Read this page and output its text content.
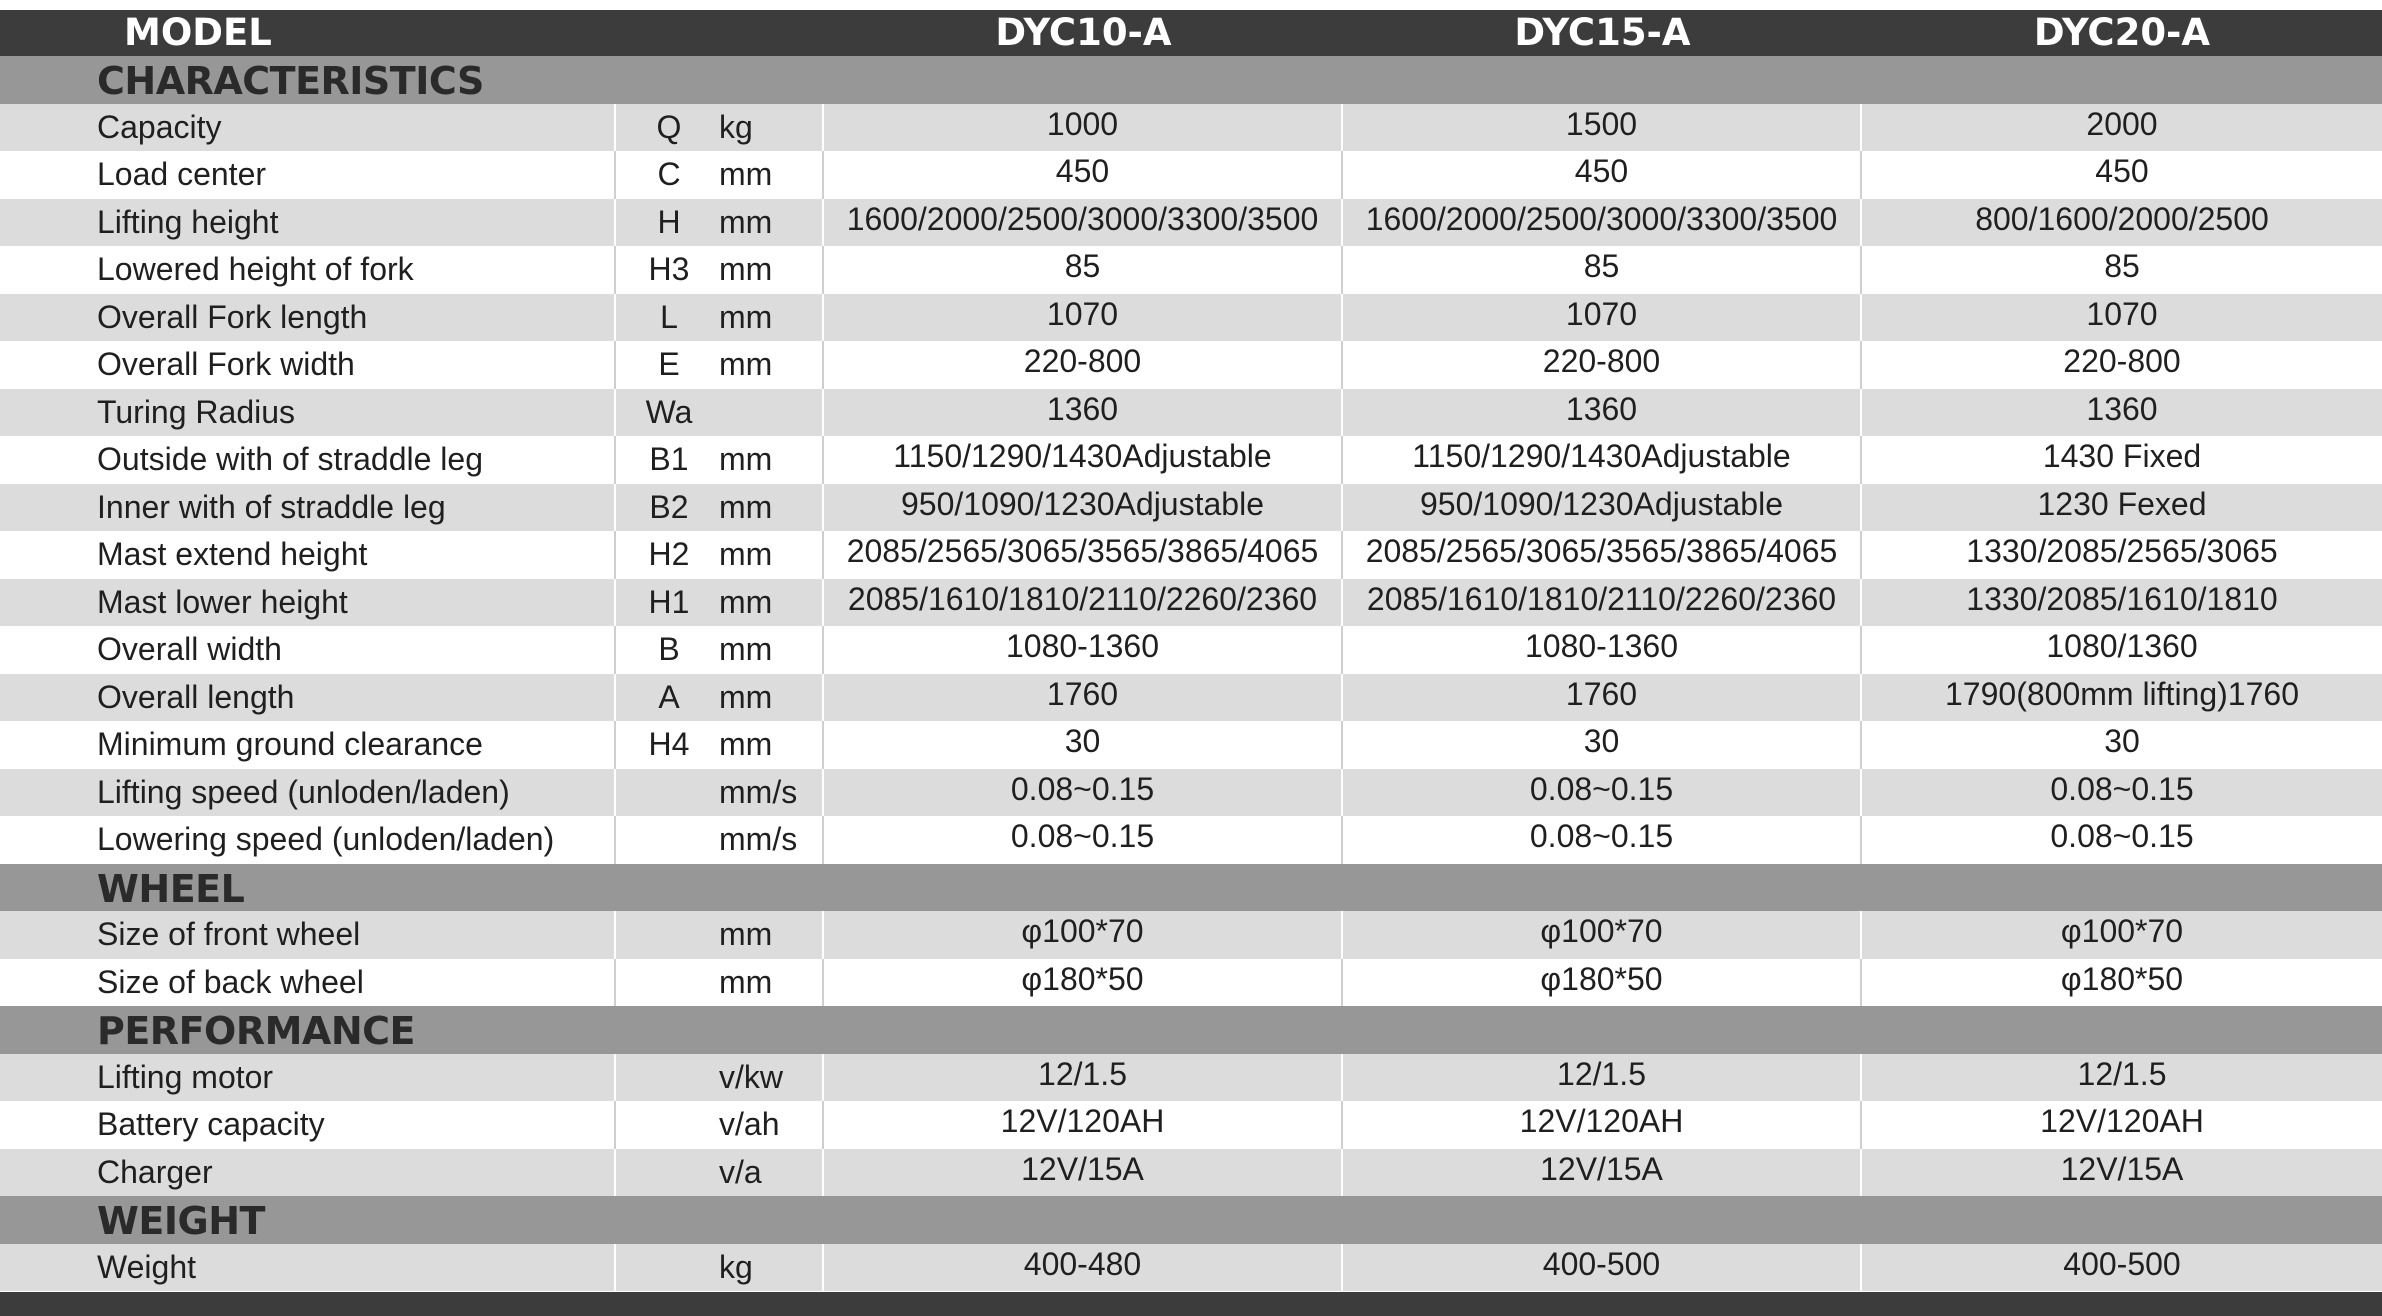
MODEL	DYC10-A	DYC15-A	DYC20-A
CHARACTERISTICS
Capacity	Q	kg	1000	1500	2000
Load center	C	mm	450	450	450
Lifting height	H	mm	1600/2000/2500/3000/3300/3500	1600/2000/2500/3000/3300/3500	800/1600/2000/2500
Lowered height of fork	H3 mm	85	85	85
Overall Fork length	L	mm	1070	1070	1070
Overall Fork width	E	mm	220-800	220-800	220-800
Turing Radius	Wa	1360	1360	1360
Outside with of straddle leg	B1 mm	1150/1290/1430Adjustable	1150/1290/1430Adjustable	1430 Fixed
Inner with of straddle leg	B2 mm	950/1090/1230Adjustable	950/1090/1230Adjustable	1230 Fexed
Mast extend height	H2 mm	2085/2565/3065/3565/3865/4065	2085/2565/3065/3565/3865/4065	1330/2085/2565/3065
Mast lower height	H1 mm	2085/1610/1810/2110/2260/2360	2085/1610/1810/2110/2260/2360	1330/2085/1610/1810
Overall width	B	mm	1080-1360	1080-1360	1080/1360
Overall length	A	mm	1760	1760	1790(800mm lifting)1760
Minimum ground clearance	H4 mm	30	30	30
Lifting speed (unloden/laden)	mm/s	0.08~0.15	0.08~0.15	0.08~0.15
Lowering speed (unloden/laden)	mm/s	0.08~0.15	0.08~0.15	0.08~0.15
WHEEL
Size of front wheel	mm	φ100*70	φ100*70	φ100*70
Size of back wheel	mm	φ180*50	φ180*50	φ180*50
PERFORMANCE
Lifting motor	v/kw	12/1.5	12/1.5	12/1.5
Battery capacity	v/ah	12V/120AH	12V/120AH	12V/120AH
Charger	v/a	12V/15A	12V/15A	12V/15A
WEIGHT
Weight	kg	400-480	400-500	400-500
